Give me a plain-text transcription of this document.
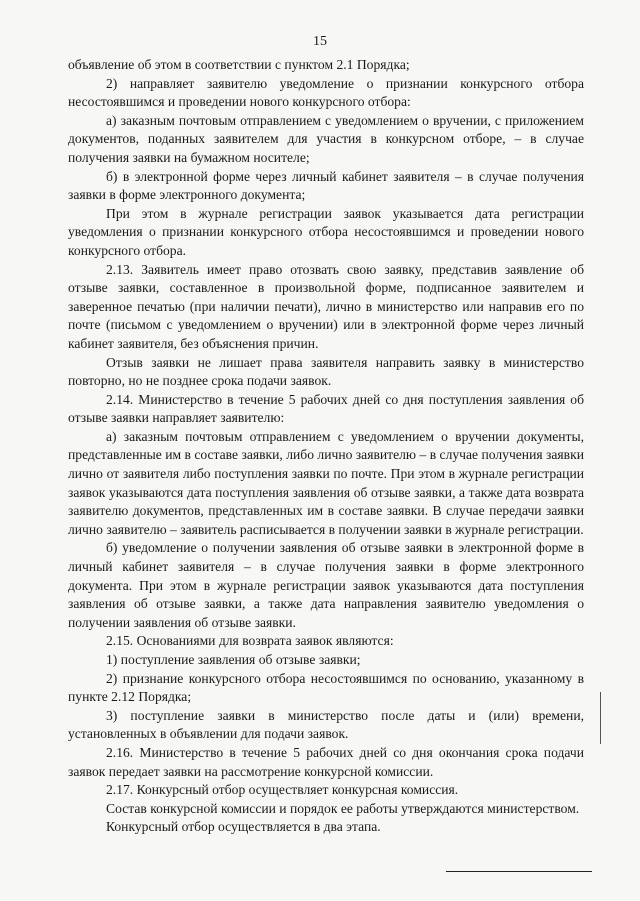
15

объявление об этом в соответствии с пунктом 2.1 Порядка;

2) направляет заявителю уведомление о признании конкурсного отбора несостоявшимся и проведении нового конкурсного отбора:

а) заказным почтовым отправлением с уведомлением о вручении, с приложением документов, поданных заявителем для участия в конкурсном отборе, – в случае получения заявки на бумажном носителе;

б) в электронной форме через личный кабинет заявителя – в случае получения заявки в форме электронного документа;

При этом в журнале регистрации заявок указывается дата регистрации уведомления о признании конкурсного отбора несостоявшимся и проведении нового конкурсного отбора.

2.13. Заявитель имеет право отозвать свою заявку, представив заявление об отзыве заявки, составленное в произвольной форме, подписанное заявителем и заверенное печатью (при наличии печати), лично в министерство или направив его по почте (письмом с уведомлением о вручении) или в электронной форме через личный кабинет заявителя, без объяснения причин.

Отзыв заявки не лишает права заявителя направить заявку в министерство повторно, но не позднее срока подачи заявок.

2.14. Министерство в течение 5 рабочих дней со дня поступления заявления об отзыве заявки направляет заявителю:

а) заказным почтовым отправлением с уведомлением о вручении документы, представленные им в составе заявки, либо лично заявителю – в случае получения заявки лично от заявителя либо поступления заявки по почте. При этом в журнале регистрации заявок указываются дата поступления заявления об отзыве заявки, а также дата возврата заявителю документов, представленных им в составе заявки. В случае передачи заявки лично заявителю – заявитель расписывается в получении заявки в журнале регистрации.

б) уведомление о получении заявления об отзыве заявки в электронной форме в личный кабинет заявителя – в случае получения заявки в форме электронного документа. При этом в журнале регистрации заявок указываются дата поступления заявления об отзыве заявки, а также дата направления заявителю уведомления о получении заявления об отзыве заявки.

2.15. Основаниями для возврата заявок являются:

1) поступление заявления об отзыве заявки;

2) признание конкурсного отбора несостоявшимся по основанию, указанному в пункте 2.12 Порядка;

3) поступление заявки в министерство после даты и (или) времени, установленных в объявлении для подачи заявок.

2.16. Министерство в течение 5 рабочих дней со дня окончания срока подачи заявок передает заявки на рассмотрение конкурсной комиссии.

2.17. Конкурсный отбор осуществляет конкурсная комиссия.

Состав конкурсной комиссии и порядок ее работы утверждаются министерством.

Конкурсный отбор осуществляется в два этапа.
